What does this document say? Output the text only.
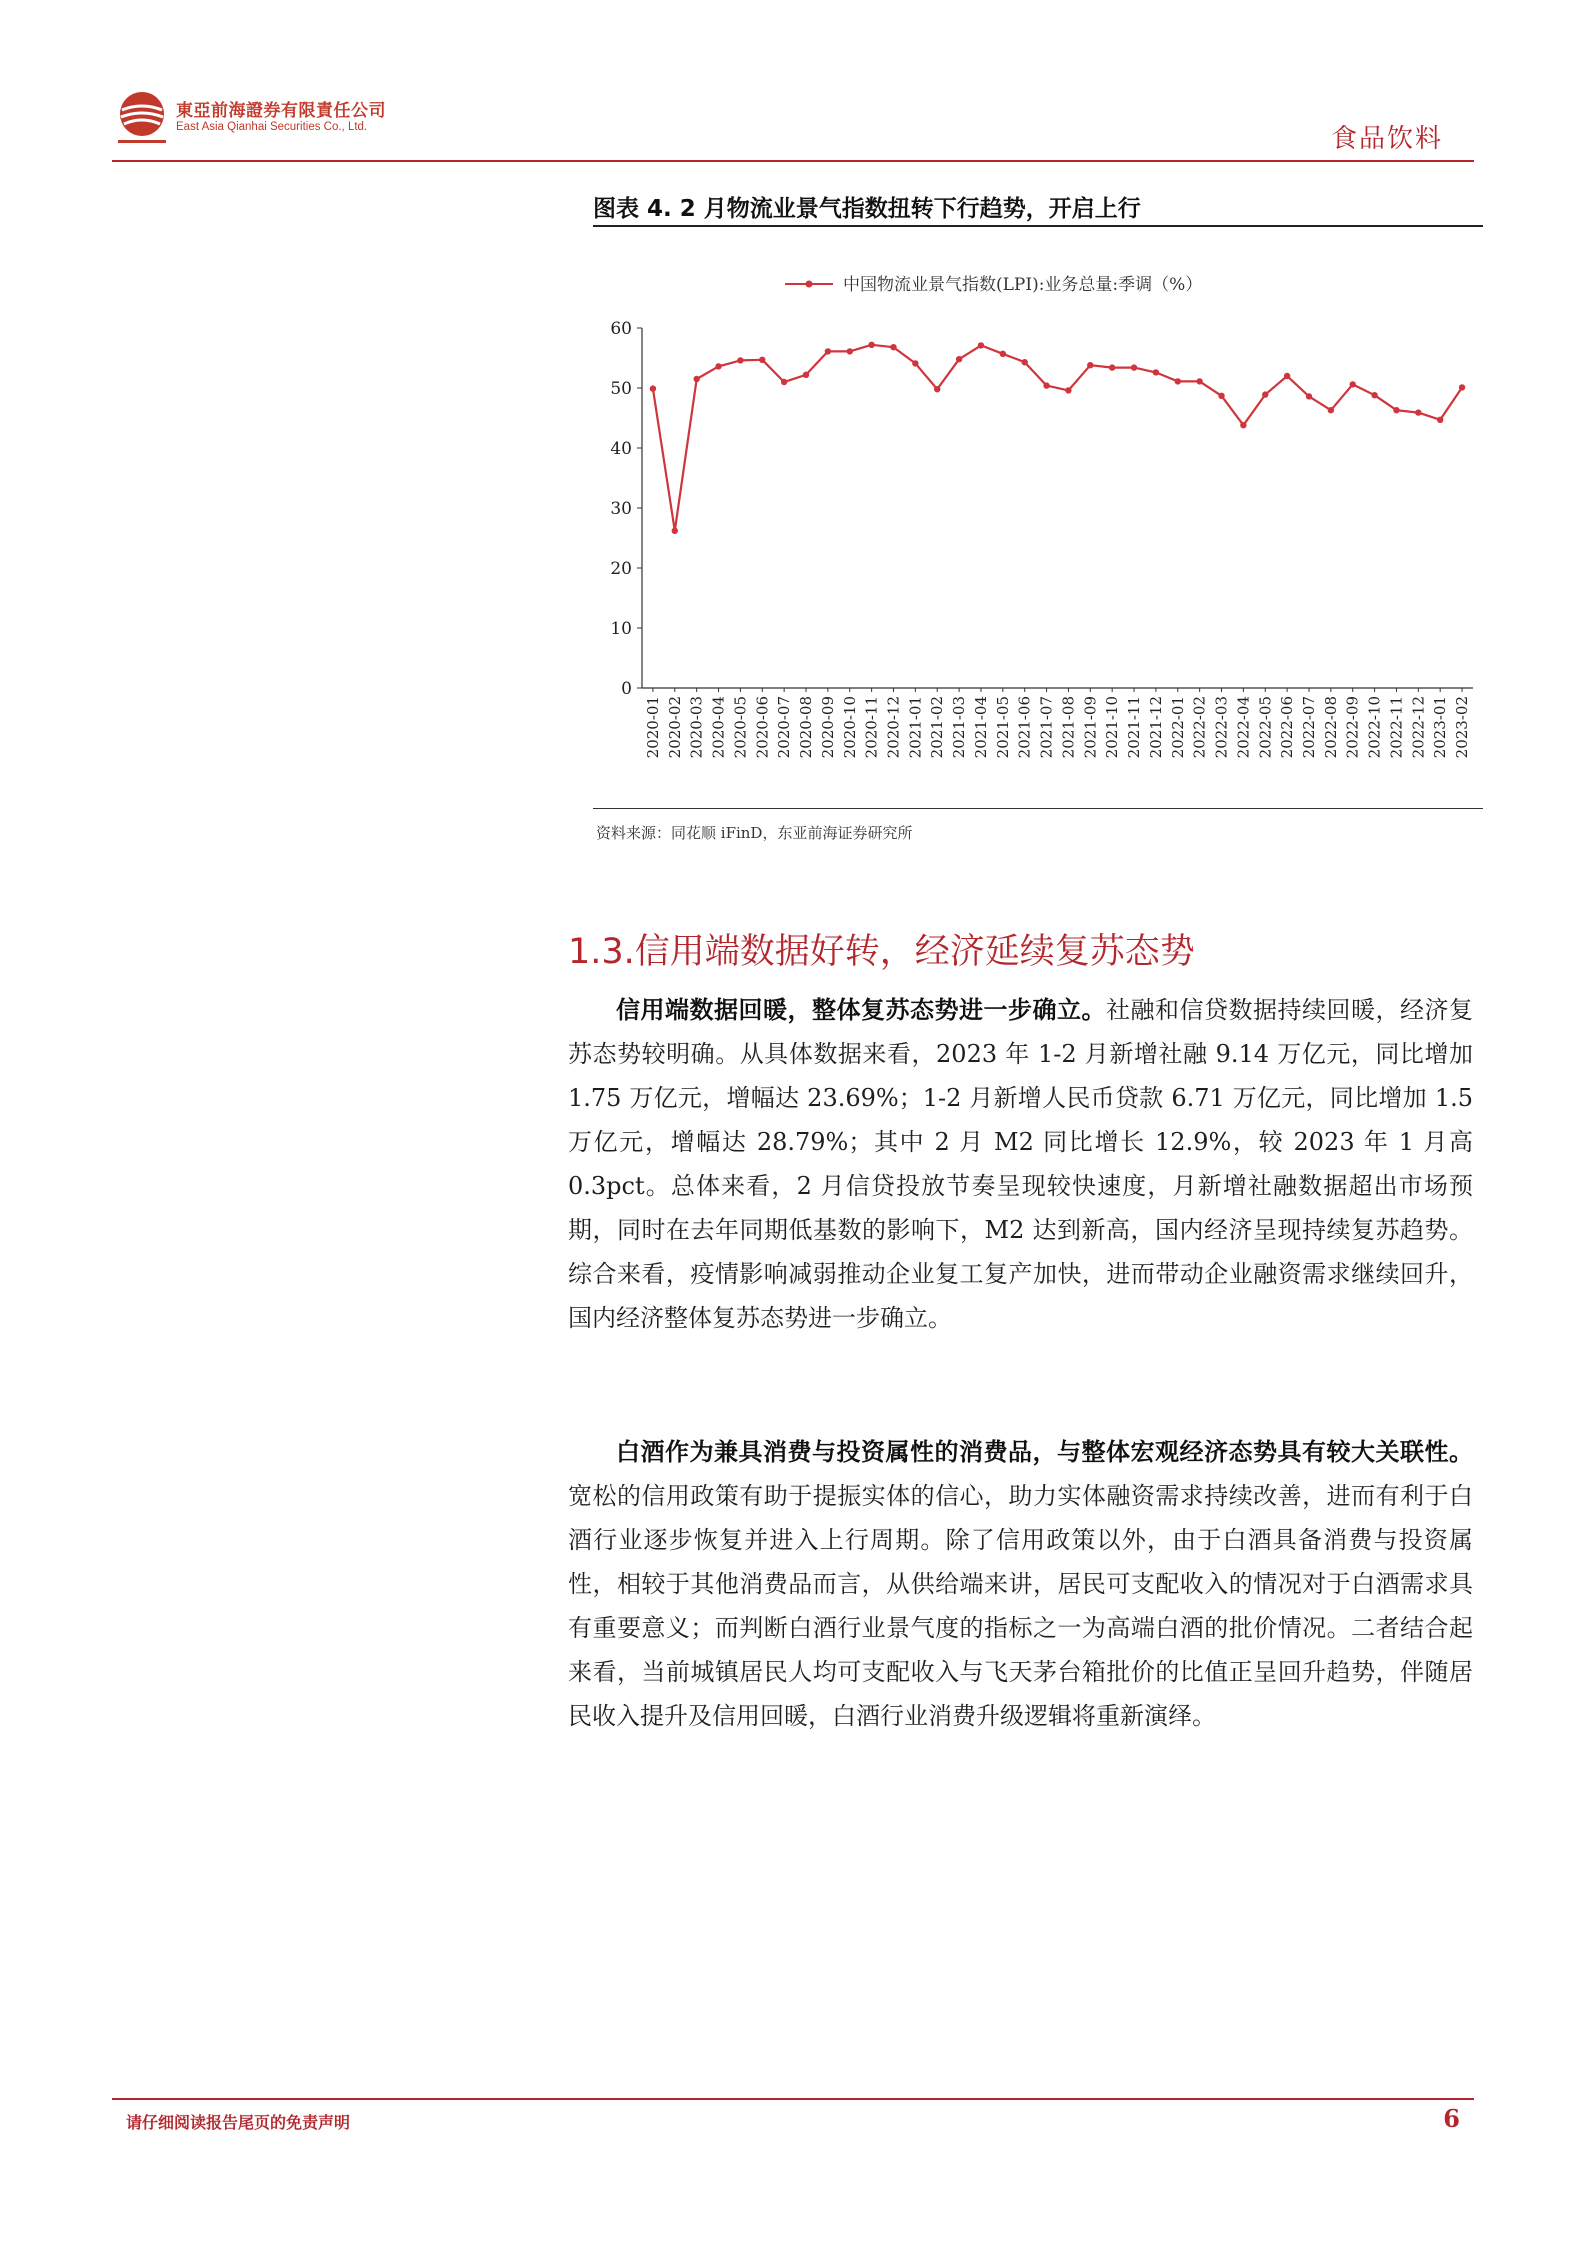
東亞前海證券有限責任公司
East Asia Qianhai Securities Co., Ltd.	食品饮料
图表 4. 2 月物流业景气指数扭转下行趋势，开启上行
中国物流业景气指数(LPI):业务总量:季调（%）
0
10
20
30
40
50
60
2020-01 2020-02 2020-03 2020-04 2020-05 2020-06 2020-07 2020-08 2020-09 2020-10 2020-11 2020-12 2021-01 2021-02 2021-03 2021-04 2021-05 2021-06 2021-07 2021-08 2021-09 2021-10 2021-11 2021-12 2022-01 2022-02 2022-03 2022-04 2022-05 2022-06 2022-07 2022-08 2022-09 2022-10 2022-11 2022-12 2023-01 2023-02
资料来源：同花顺 iFinD，东亚前海证券研究所
1.3.信用端数据好转，经济延续复苏态势
信用端数据回暖，整体复苏态势进一步确立。社融和信贷数据持续回暖，经济复苏态势较明确。从具体数据来看，2023 年 1-2 月新增社融 9.14 万亿元，同比增加 1.75 万亿元，增幅达 23.69%；1-2 月新增人民币贷款 6.71 万亿元，同比增加 1.5 万亿元，增幅达 28.79%；其中 2 月 M2 同比增长 12.9%，较 2023 年 1 月高 0.3pct。总体来看，2 月信贷投放节奏呈现较快速度，月新增社融数据超出市场预期，同时在去年同期低基数的影响下，M2 达到新高，国内经济呈现持续复苏趋势。综合来看，疫情影响减弱推动企业复工复产加快，进而带动企业融资需求继续回升，国内经济整体复苏态势进一步确立。
白酒作为兼具消费与投资属性的消费品，与整体宏观经济态势具有较大关联性。宽松的信用政策有助于提振实体的信心，助力实体融资需求持续改善，进而有利于白酒行业逐步恢复并进入上行周期。除了信用政策以外，由于白酒具备消费与投资属性，相较于其他消费品而言，从供给端来讲，居民可支配收入的情况对于白酒需求具有重要意义；而判断白酒行业景气度的指标之一为高端白酒的批价情况。二者结合起来看，当前城镇居民人均可支配收入与飞天茅台箱批价的比值正呈回升趋势，伴随居民收入提升及信用回暖，白酒行业消费升级逻辑将重新演绎。
请仔细阅读报告尾页的免责声明	6
